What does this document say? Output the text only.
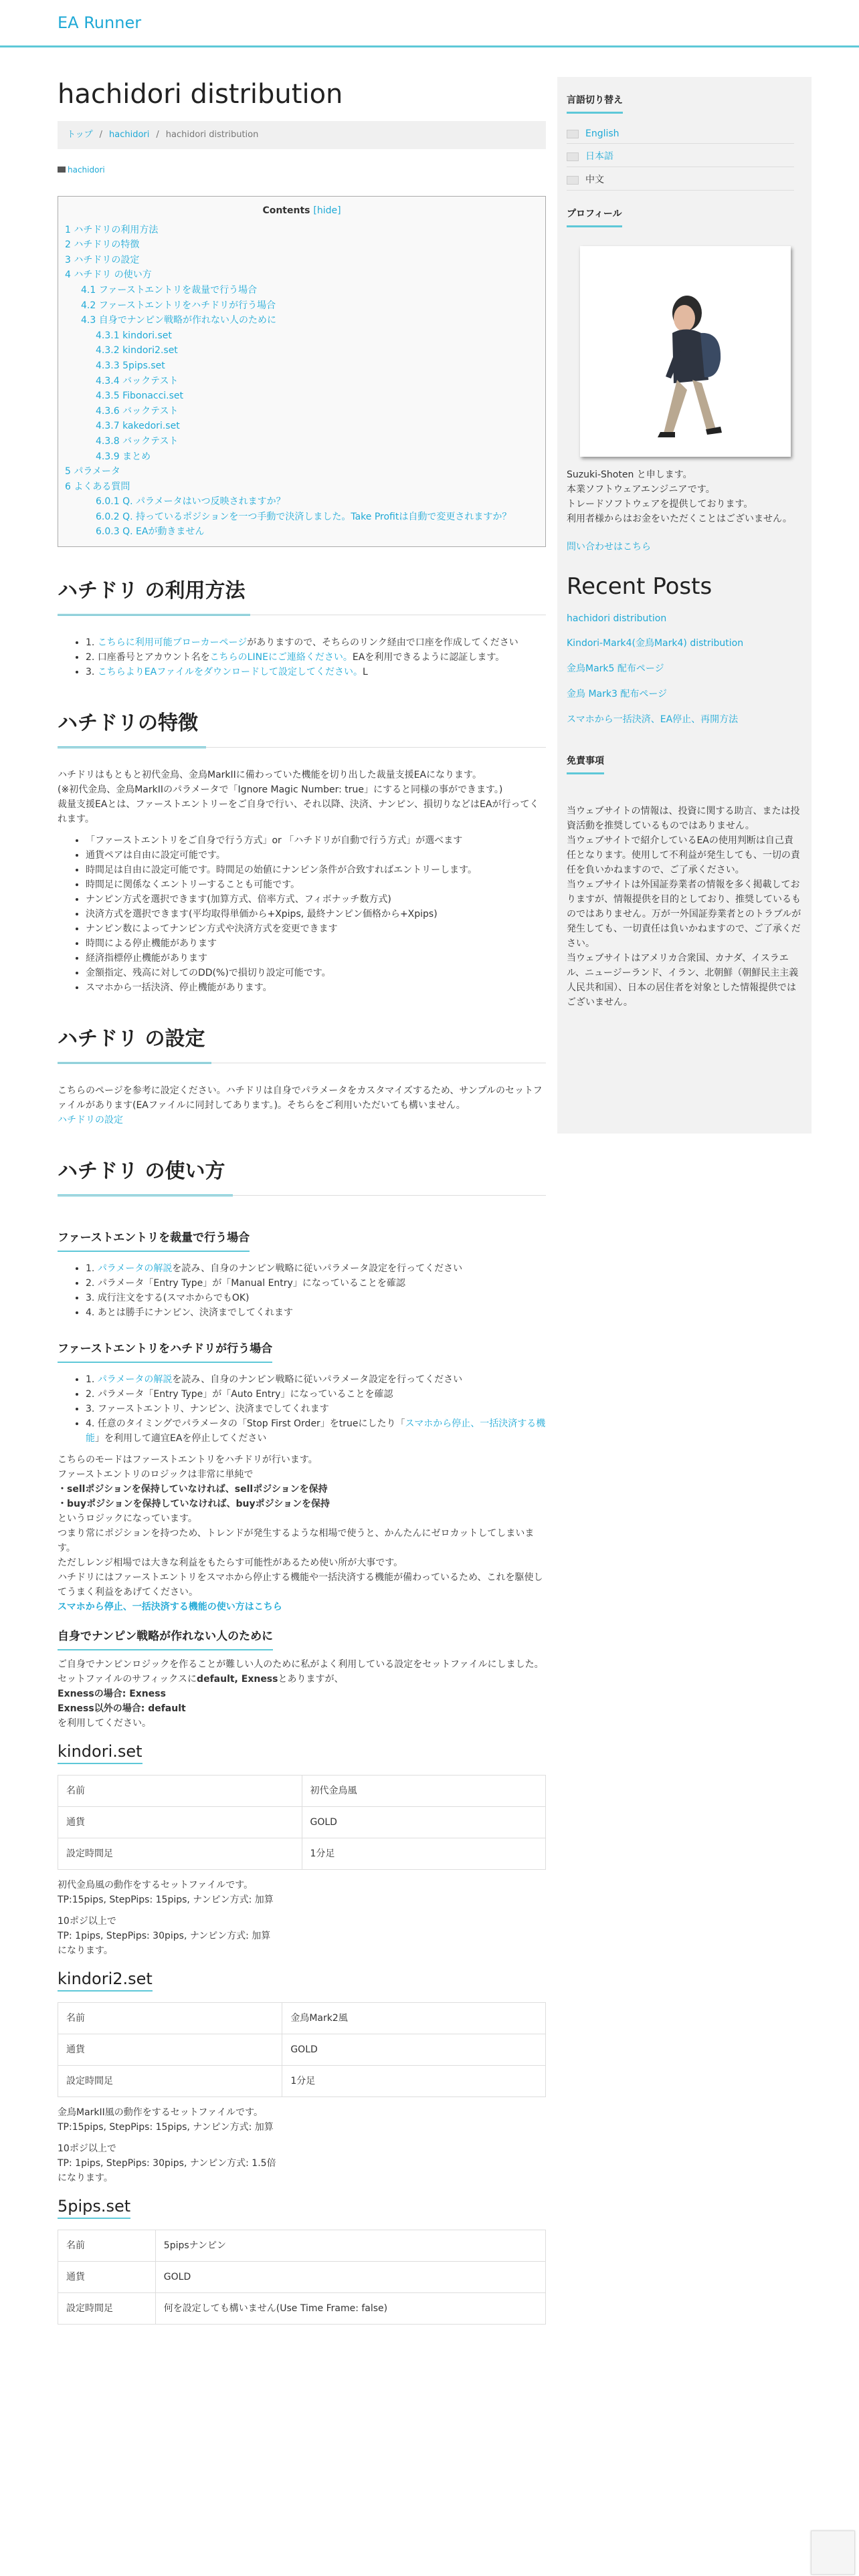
EA Runner
hachidori distribution
トップ / hachidori / hachidori distribution
hachidori
Contents [hide]
1 ハチドリの利用方法
2 ハチドリの特徴
3 ハチドリの設定
4 ハチドリ の使い方
4.1 ファーストエントリを裁量で行う場合
4.2 ファーストエントリをハチドリが行う場合
4.3 自身でナンピン戦略が作れない人のために
4.3.1 kindori.set
4.3.2 kindori2.set
4.3.3 5pips.set
4.3.4 バックテスト
4.3.5 Fibonacci.set
4.3.6 バックテスト
4.3.7 kakedori.set
4.3.8 バックテスト
4.3.9 まとめ
5 パラメータ
6 よくある質問
6.0.1 Q. パラメータはいつ反映されますか？
6.0.2 Q. 持っているポジションを一つ手動で決済しました。Take Profitは自動で変更されますか？
6.0.3 Q. EAが動きません
ハチドリ の利用方法
• 1. こちらに利用可能ブローカーページがありますので、そちらのリンク経由で口座を作成してください
• 2. 口座番号とアカウント名をこちらのLINEにご連絡ください。EAを利用できるように認証します。
• 3. こちらよりEAファイルをダウンロードして設定してください。L
ハチドリの特徴
ハチドリはもともと初代金鳥、金鳥MarkIIに備わっていた機能を切り出した裁量支援EAになります。
(※初代金鳥、金鳥MarkIIのパラメータで「Ignore Magic Number: true」にすると同様の事ができます。)
裁量支援EAとは、ファーストエントリーをご自身で行い、それ以降、決済、ナンピン、損切りなどはEAが行ってくれます。
• 「ファーストエントリをご自身で行う方式」or 「ハチドリが自動で行う方式」が選べます
• 通貨ペアは自由に設定可能です。
• 時間足は自由に設定可能です。時間足の始値にナンピン条件が合致すればエントリーします。
• 時間足に関係なくエントリーすることも可能です。
• ナンピン方式を選択できます(加算方式、倍率方式、フィボナッチ数方式)
• 決済方式を選択できます(平均取得単価から+Xpips, 最終ナンピン価格から+Xpips)
• ナンピン数によってナンピン方式や決済方式を変更できます
• 時間による停止機能があります
• 経済指標停止機能があります
• 金額指定、残高に対してのDD(%)で損切り設定可能です。
• スマホから一括決済、停止機能があります。
ハチドリ の設定
こちらのページを参考に設定ください。ハチドリは自身でパラメータをカスタマイズするため、サンプルのセットファイルがあります(EAファイルに同封してあります。)。そちらをご利用いただいても構いません。
ハチドリの設定
ハチドリ の使い方
ファーストエントリを裁量で行う場合
• 1. パラメータの解説を読み、自身のナンピン戦略に従いパラメータ設定を行ってください
• 2. パラメータ「Entry Type」が「Manual Entry」になっていることを確認
• 3. 成行注文をする(スマホからでもOK)
• 4. あとは勝手にナンピン、決済までしてくれます
ファーストエントリをハチドリが行う場合
• 1. パラメータの解説を読み、自身のナンピン戦略に従いパラメータ設定を行ってください
• 2. パラメータ「Entry Type」が「Auto Entry」になっていることを確認
• 3. ファーストエントリ、ナンピン、決済までしてくれます
• 4. 任意のタイミングでパラメータの「Stop First Order」をtrueにしたり「スマホから停止、一括決済する機能」を利用して適宜EAを停止してください
こちらのモードはファーストエントリをハチドリが行います。
ファーストエントリのロジックは非常に単純で
・sellポジションを保持していなければ、sellポジションを保持
・buyポジションを保持していなければ、buyポジションを保持
というロジックになっています。
つまり常にポジションを持つため、トレンドが発生するような相場で使うと、かんたんにゼロカットしてしまいます。
ただしレンジ相場では大きな利益をもたらす可能性があるため使い所が大事です。
ハチドリにはファーストエントリをスマホから停止する機能や一括決済する機能が備わっているため、これを駆使してうまく利益をあげてください。
スマホから停止、一括決済する機能の使い方はこちら
自身でナンピン戦略が作れない人のために
ご自身でナンピンロジックを作ることが難しい人のために私がよく利用している設定をセットファイルにしました。
セットファイルのサフィックスにdefault, Exnessとありますが、
Exnessの場合: Exness
Exness以外の場合: default
を利用してください。
kindori.set
名前	初代金鳥風
通貨	GOLD
設定時間足	1分足
初代金鳥風の動作をするセットファイルです。
TP:15pips, StepPips: 15pips, ナンピン方式: 加算
10ポジ以上で
TP: 1pips, StepPips: 30pips, ナンピン方式: 加算
になります。
kindori2.set
名前	金鳥Mark2風
通貨	GOLD
設定時間足	1分足
金鳥MarkII風の動作をするセットファイルです。
TP:15pips, StepPips: 15pips, ナンピン方式: 加算
10ポジ以上で
TP: 1pips, StepPips: 30pips, ナンピン方式: 1.5倍
になります。
5pips.set
名前	5pipsナンピン
通貨	GOLD
設定時間足	何を設定しても構いません(Use Time Frame: false)
言語切り替え
English
日本語
中文
プロフィール
Suzuki-Shoten と申します。
本業ソフトウェアエンジニアです。
トレードソフトウェアを提供しております。
利用者様からはお金をいただくことはございません。
問い合わせはこちら
Recent Posts
hachidori distribution
Kindori-Mark4(金鳥Mark4) distribution
金鳥Mark5 配布ページ
金鳥 Mark3 配布ページ
スマホから一括決済、EA停止、再開方法
免責事項
当ウェブサイトの情報は、投資に関する助言、または投資活動を推奨しているものではありません。
当ウェブサイトで紹介しているEAの使用判断は自己責任となります。使用して不利益が発生しても、一切の責任を負いかねますので、ご了承ください。
当ウェブサイトは外国証券業者の情報を多く掲載しておりますが、情報提供を目的としており、推奨しているものではありません。万が一外国証券業者とのトラブルが発生しても、一切責任は負いかねますので、ご了承ください。
当ウェブサイトはアメリカ合衆国、カナダ、イスラエル、ニュージーランド、イラン、北朝鮮（朝鮮民主主義人民共和国）、日本の居住者を対象とした情報提供ではございません。
